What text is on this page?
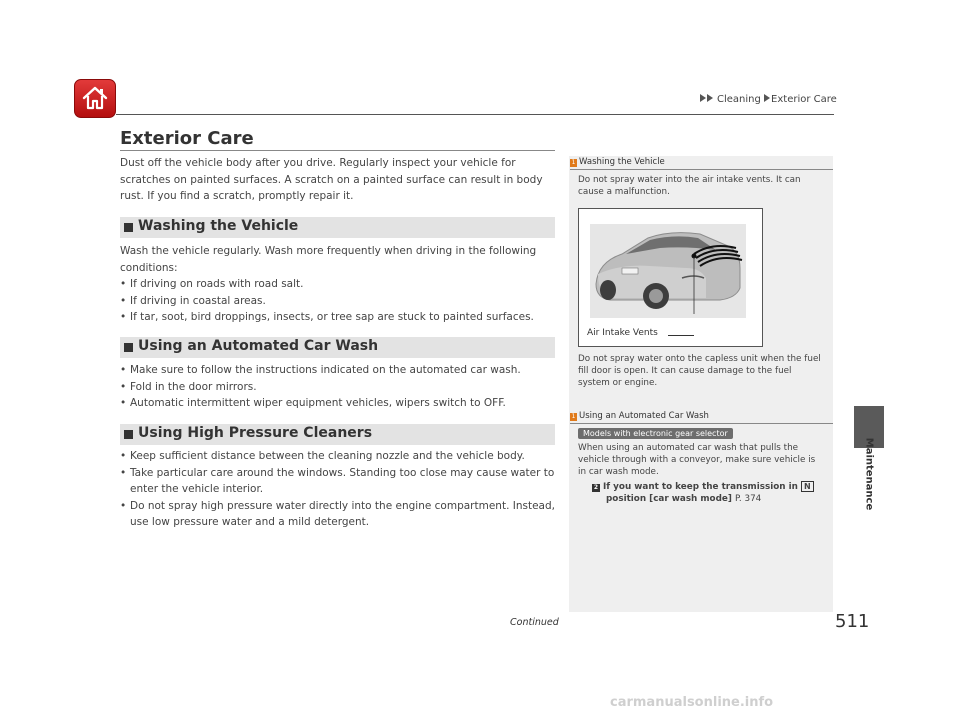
Cleaning Exterior Care
Exterior Care
Dust off the vehicle body after you drive. Regularly inspect your vehicle for scratches on painted surfaces. A scratch on a painted surface can result in body rust. If you find a scratch, promptly repair it.
Washing the Vehicle
Wash the vehicle regularly. Wash more frequently when driving in the following conditions:
• If driving on roads with road salt.
• If driving in coastal areas.
• If tar, soot, bird droppings, insects, or tree sap are stuck to painted surfaces.
Using an Automated Car Wash
• Make sure to follow the instructions indicated on the automated car wash.
• Fold in the door mirrors.
• Automatic intermittent wiper equipment vehicles, wipers switch to OFF.
Using High Pressure Cleaners
• Keep sufficient distance between the cleaning nozzle and the vehicle body.
• Take particular care around the windows. Standing too close may cause water to enter the vehicle interior.
• Do not spray high pressure water directly into the engine compartment. Instead, use low pressure water and a mild detergent.
1 Washing the Vehicle
Do not spray water into the air intake vents. It can cause a malfunction.
Air Intake Vents
Do not spray water onto the capless unit when the fuel fill door is open. It can cause damage to the fuel system or engine.
1 Using an Automated Car Wash
Models with electronic gear selector
When using an automated car wash that pulls the vehicle through with a conveyor, make sure vehicle is in car wash mode.
2 If you want to keep the transmission in N
position [car wash mode] P. 374	Maintenance
Continued	511
carmanualsonline.info
